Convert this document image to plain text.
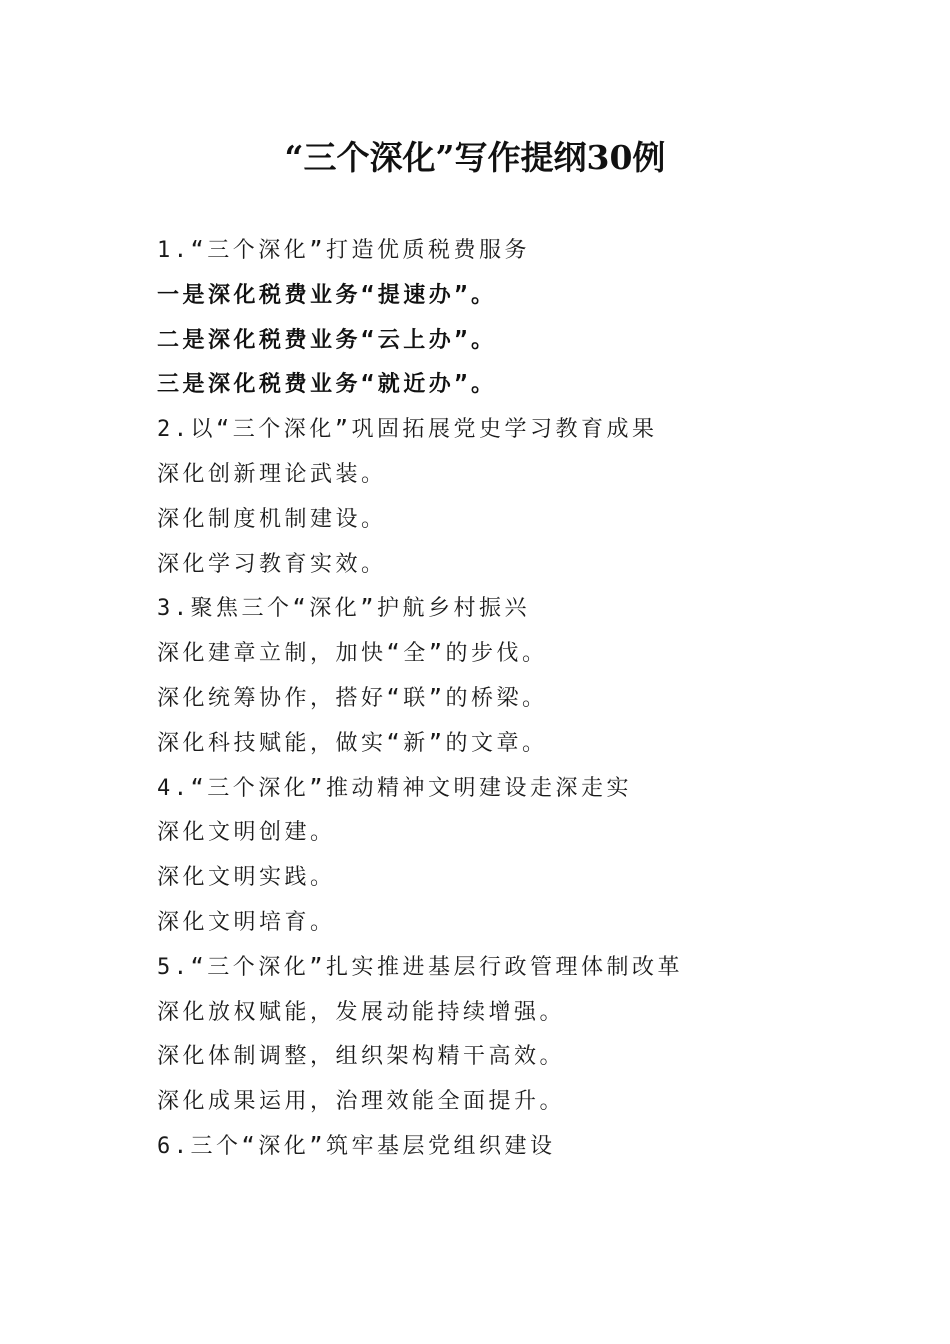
“三个深化”写作提纲30例
1.“三个深化”打造优质税费服务
一是深化税费业务“提速办”。
二是深化税费业务“云上办”。
三是深化税费业务“就近办”。
2.以“三个深化”巩固拓展党史学习教育成果
深化创新理论武装。
深化制度机制建设。
深化学习教育实效。
3.聚焦三个“深化”护航乡村振兴
深化建章立制，加快“全”的步伐。
深化统筹协作，搭好“联”的桥梁。
深化科技赋能，做实“新”的文章。
4.“三个深化”推动精神文明建设走深走实
深化文明创建。
深化文明实践。
深化文明培育。
5.“三个深化”扎实推进基层行政管理体制改革
深化放权赋能，发展动能持续增强。
深化体制调整，组织架构精干高效。
深化成果运用，治理效能全面提升。
6.三个“深化”筑牢基层党组织建设
